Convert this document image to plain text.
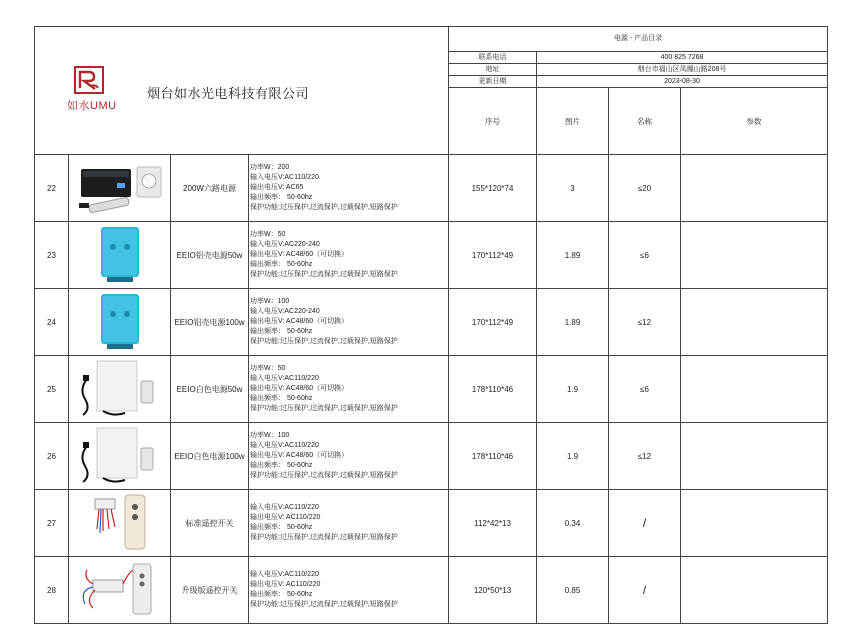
如水UMU
烟台如水光电科技有限公司				电源 - 产品目录				
				联系电话	400 825 7268			
				地址	烟台市福山区凤鳳山路208号			
				更新日期	2023-08-30			
				序号	图片	名称	参数				
22		200W六路电源	功率W：200
输入电压V:AC110/220
输出电压V: AC65
输出频率： 50-60hz
保护功能:过压保护,过流保护,过载保护,短路保护	155*120*74	3	≤20		
23		EEIO铝壳电源50w	功率W：50
输入电压V:AC220-240
输出电压V: AC48/60（可切换）
输出频率： 50-60hz
保护功能:过压保护,过流保护,过载保护,短路保护	170*112*49	1.89	≤6		
24		EEIO铝壳电源100w	功率W：100
输入电压V:AC220-240
输出电压V: AC48/60（可切换）
输出频率： 50-60hz
保护功能:过压保护,过流保护,过载保护,短路保护	170*112*49	1.89	≤12		
25		EEIO白色电源50w	功率W：50
输入电压V:AC110/220
输出电压V: AC48/60（可切换）
输出频率： 50-60hz
保护功能:过压保护,过流保护,过载保护,短路保护	178*110*46	1.9	≤6		
26		EEIO白色电源100w	功率W：100
输入电压V:AC110/220
输出电压V: AC48/60（可切换）
输出频率： 50-60hz
保护功能:过压保护,过流保护,过载保护,短路保护	178*110*46	1.9	≤12		
27		标准遥控开关	输入电压V:AC110/220
输出电压V: AC110/220
输出频率： 50-60hz
保护功能:过压保护,过流保护,过载保护,短路保护	112*42*13	0.34	/		
28		升级版遥控开关	输入电压V:AC110/220
输出电压V: AC110/220
输出频率： 50-60hz
保护功能:过压保护,过流保护,过载保护,短路保护	120*50*13	0.85	/		
